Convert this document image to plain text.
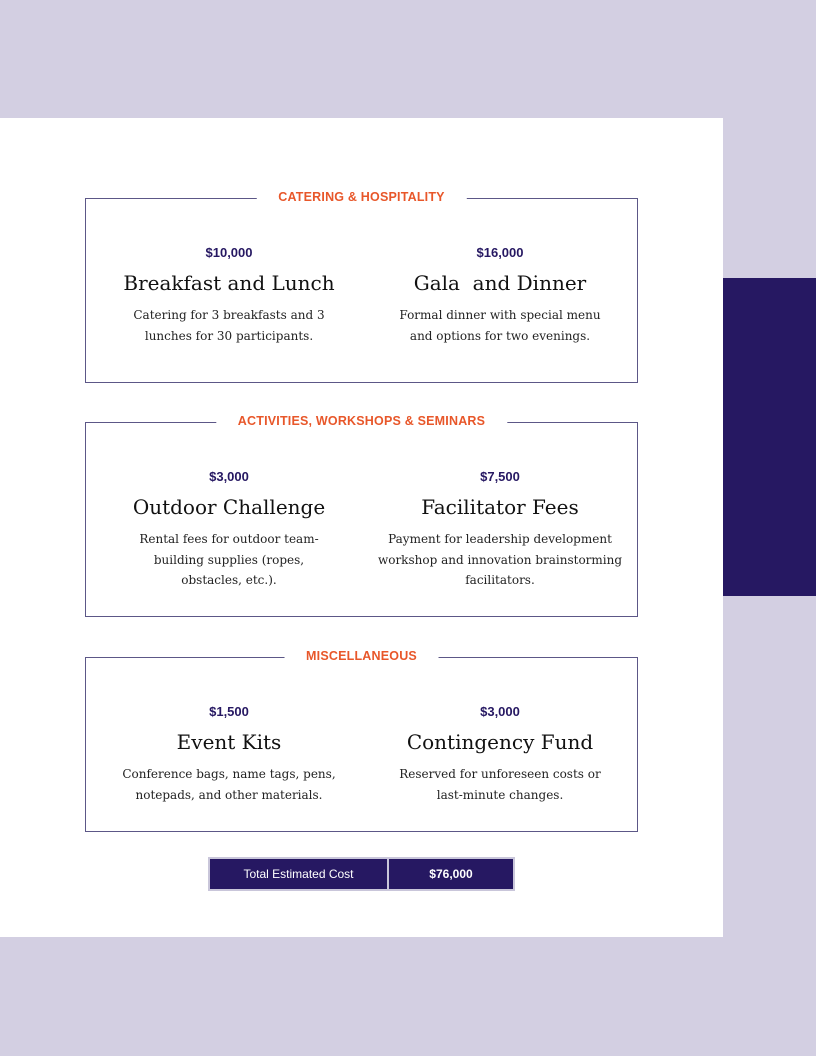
CATERING & HOSPITALITY
$10,000
Breakfast and Lunch
Catering for 3 breakfasts and 3 lunches for 30 participants.
$16,000
Gala  and Dinner
Formal dinner with special menu and options for two evenings.
ACTIVITIES, WORKSHOPS & SEMINARS
$3,000
Outdoor Challenge
Rental fees for outdoor team-building supplies (ropes, obstacles, etc.).
$7,500
Facilitator Fees
Payment for leadership development workshop and innovation brainstorming facilitators.
MISCELLANEOUS
$1,500
Event Kits
Conference bags, name tags, pens, notepads, and other materials.
$3,000
Contingency Fund
Reserved for unforeseen costs or last-minute changes.
Total Estimated Cost	$76,000
